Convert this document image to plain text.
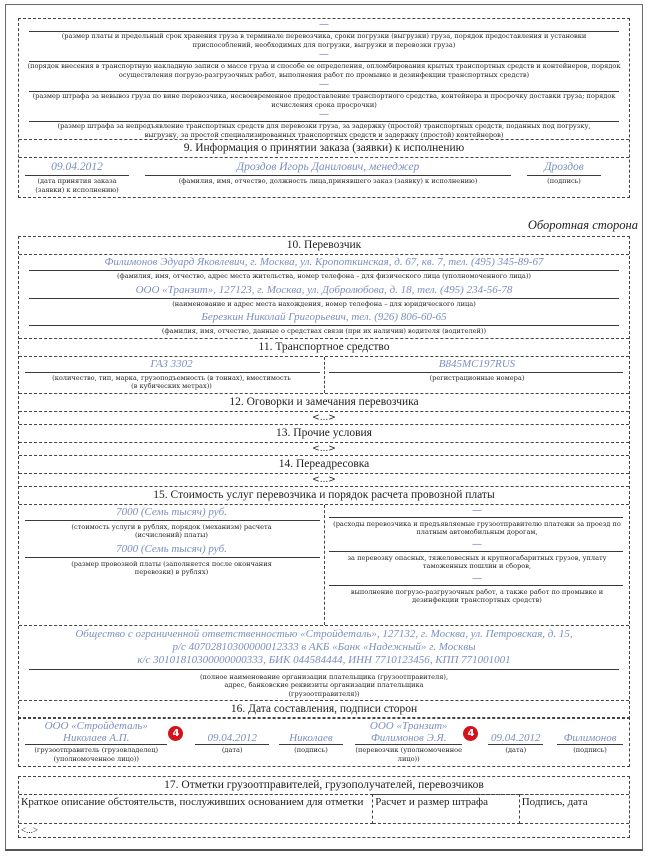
—
(размер платы и предельный срок хранения груза в терминале перевозчика, сроки погрузки (выгрузки) груза, порядок предоставления и установки приспособлений, необходимых для погрузки, выгрузки и перевозки груза)
—
(порядок внесения в транспортную накладную записи о массе груза и способе ее определения, опломбирования крытых транспортных средств и контейнеров, порядок осуществления погрузо-разгрузочных работ, выполнения работ по промывке и дезинфекции транспортных средств)
—
(размер штрафа за невывоз груза по вине перевозчика, несвоевременное предоставление транспортного средства, контейнера и просрочку доставки груза; порядок исчисления срока просрочки)
—
(размер штрафа за непредъявление транспортных средств для перевозки груза, за задержку (простой) транспортных средств, поданных под погрузку, выгрузку, за простой специализированных транспортных средств и задержку (простой) контейнеров)
9. Информация о принятии заказа (заявки) к исполнению
09.04.2012
(дата принятия заказа (заявки) к исполнению)
Дроздов Игорь Данилович, менеджер
(фамилия, имя, отчество, должность лица,принявшего заказ (заявку) к исполнению)
Дроздов
(подпись)
Оборотная сторона
10. Перевозчик
Филимонов Эдуард Яковлевич, г. Москва, ул. Кропоткинская, д. 67, кв. 7, тел. (495) 345-89-67
(фамилия, имя, отчество, адрес места жительства, номер телефона – для физического лица (уполномоченного лица))
ООО «Транзит», 127123, г. Москва, ул. Добролюбова, д. 18, тел. (495) 234-56-78
(наименование и адрес места нахождения, номер телефона – для юридического лица)
Березкин Николай Григорьевич, тел. (926) 806-60-65
(фамилия, имя, отчество, данные о средствах связи (при их наличии) водителя (водителей))
11. Транспортное средство
ГАЗ 3302
(количество, тип, марка, грузоподъемность (в тоннах), вместимость (в кубических метрах))
В845МС197RUS
(регистрационные номера)
12. Оговорки и замечания перевозчика
<...>
13. Прочие условия
<...>
14. Переадресовка
<...>
15. Стоимость услуг перевозчика и порядок расчета провозной платы
7000 (Семь тысяч) руб.
(стоимость услуги в рублях, порядок (механизм) расчета (исчислений) платы)
7000 (Семь тысяч) руб.
(размер провозной платы (заполняется после окончания перевозки) в рублях)
—
(расходы перевозчика и предъявляемые грузоотправителю платежи за проезд по платным автомобильным дорогам,
—
за перевозку опасных, тяжеловесных и крупногабаритных грузов, уплату таможенных пошлин и сборов,
—
выполнение погрузо-разгрузочных работ, а также работ по промывке и дезинфекции транспортных средств)
Общество с ограниченной ответственностью «Стройдеталь», 127132, г. Москва, ул. Петровская, д. 15,
р/с 40702810300000012333 в АКБ «Банк «Надежный» г. Москвы
к/с 30101810300000000333, БИК 044584444, ИНН 7710123456, КПП 771001001
(полное наименование организации плательщика (грузоотправителя), адрес, банковские реквизиты организации плательщика (грузоотправителя))
16. Дата составления, подписи сторон
ООО «Стройдеталь»
Николаев А.П.	4
(грузоотправитель (грузовладелец) (уполномоченное лицо))
09.04.2012
(дата)
Николаев
(подпись)
ООО «Транзит»
Филимонов Э.Я.	4
(перевозчик (уполномоченное лицо))
09.04.2012
(дата)
Филимонов
(подпись)
17. Отметки грузоотправителей, грузополучателей, перевозчиков
Краткое описание обстоятельств, послуживших основанием для отметки	Расчет и размер штрафа	Подпись, дата
<...>
